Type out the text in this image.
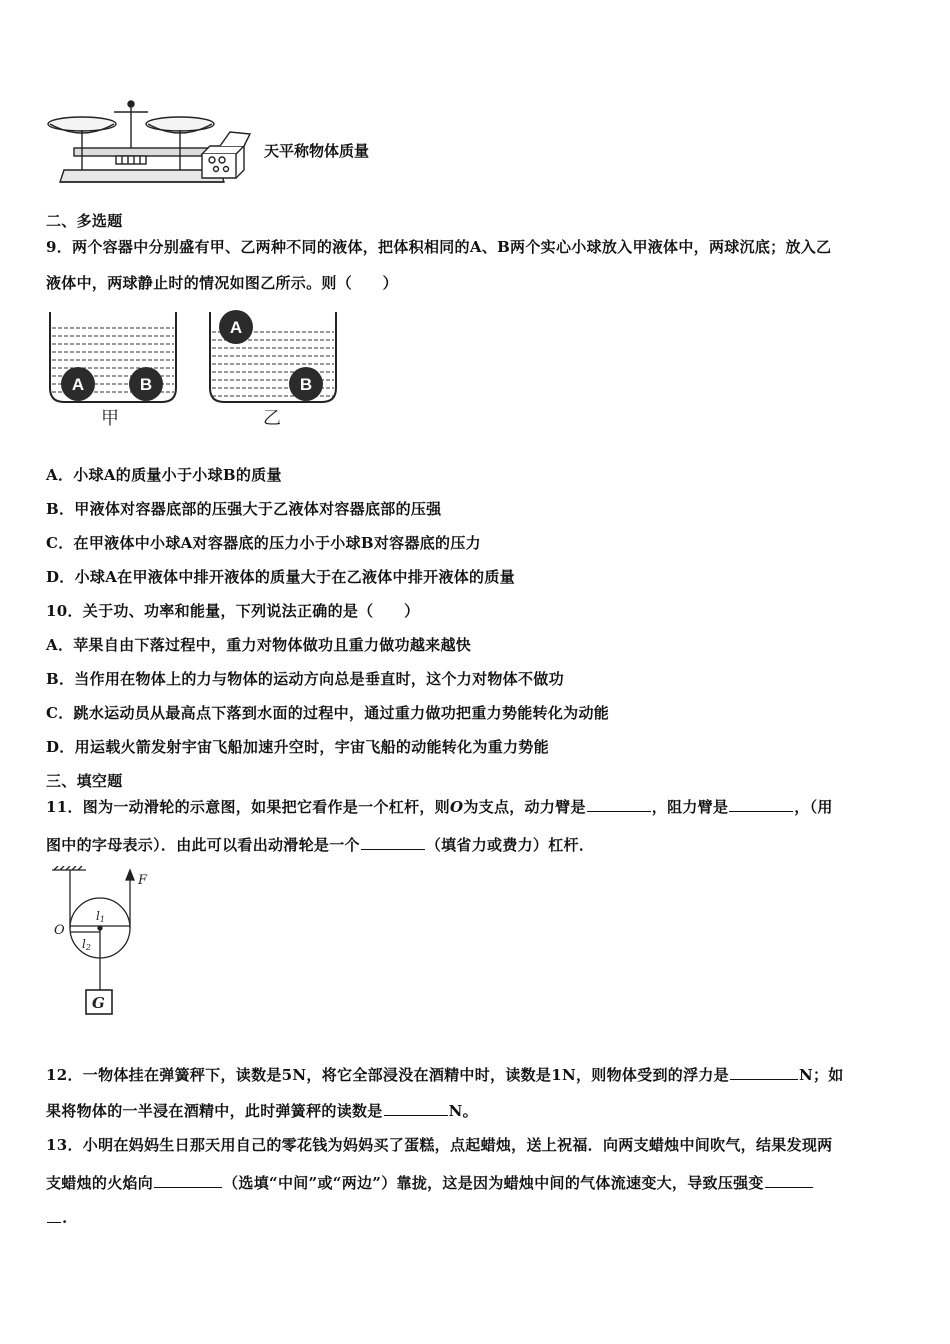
天平称物体质量
二、多选题
9．两个容器中分别盛有甲、乙两种不同的液体，把体积相同的A、B两个实心小球放入甲液体中，两球沉底；放入乙
液体中，两球静止时的情况如图乙所示。则（　　）
A	B
A
B
甲	乙
A．小球A的质量小于小球B的质量
B．甲液体对容器底部的压强大于乙液体对容器底部的压强
C．在甲液体中小球A对容器底的压力小于小球B对容器底的压力
D．小球A在甲液体中排开液体的质量大于在乙液体中排开液体的质量
10．关于功、功率和能量，下列说法正确的是（　　）
A．苹果自由下落过程中，重力对物体做功且重力做功越来越快
B．当作用在物体上的力与物体的运动方向总是垂直时，这个力对物体不做功
C．跳水运动员从最高点下落到水面的过程中，通过重力做功把重力势能转化为动能
D．用运载火箭发射宇宙飞船加速升空时，宇宙飞船的动能转化为重力势能
三、填空题
11．图为一动滑轮的示意图，如果把它看作是一个杠杆，则O为支点，动力臂是	，阻力臂是	，（用
图中的字母表示）．由此可以看出动滑轮是一个	（填省力或费力）杠杆．
F
O
l1
l2
G
12．一物体挂在弹簧秤下，读数是5N，将它全部浸没在酒精中时，读数是1N，则物体受到的浮力是	N；如
果将物体的一半浸在酒精中，此时弹簧秤的读数是	N。
13．小明在妈妈生日那天用自己的零花钱为妈妈买了蛋糕，点起蜡烛，送上祝福．向两支蜡烛中间吹气，结果发现两
支蜡烛的火焰向	（选填“中间”或“两边”）靠拢，这是因为蜡烛中间的气体流速变大，导致压强变
.
